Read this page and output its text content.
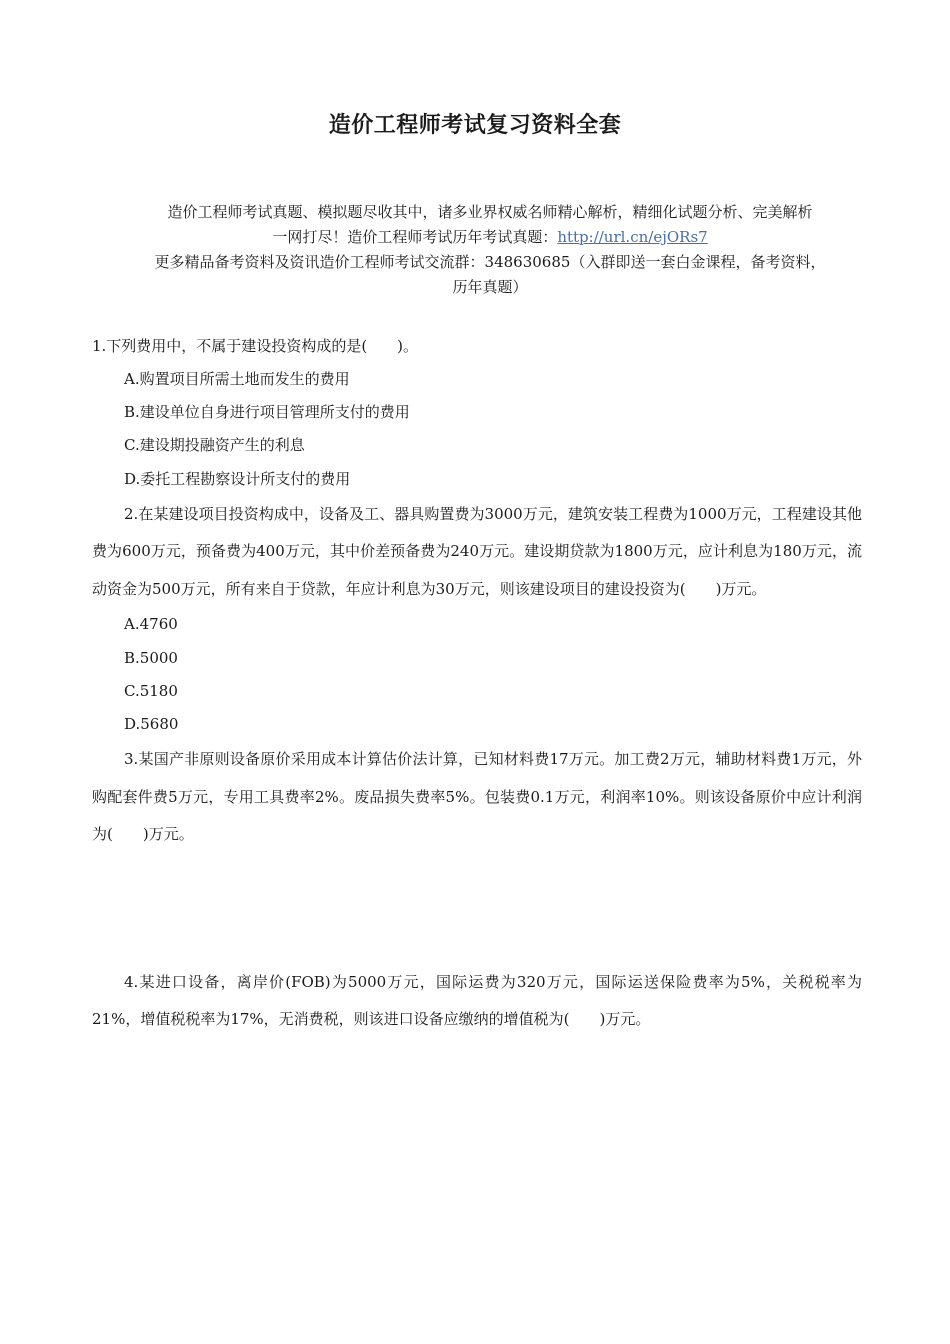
造价工程师考试复习资料全套
造价工程师考试真题、模拟题尽收其中，诸多业界权威名师精心解析，精细化试题分析、完美解析
一网打尽！造价工程师考试历年考试真题：http://url.cn/ejORs7
更多精品备考资料及资讯造价工程师考试交流群：348630685（入群即送一套白金课程，备考资料，
历年真题）
1.下列费用中，不属于建设投资构成的是(　　)。
A.购置项目所需土地而发生的费用
B.建设单位自身进行项目管理所支付的费用
C.建设期投融资产生的利息
D.委托工程勘察设计所支付的费用
2.在某建设项目投资构成中，设备及工、器具购置费为3000万元，建筑安装工程费为1000万元，工程建设其他费为600万元，预备费为400万元，其中价差预备费为240万元。建设期贷款为1800万元，应计利息为180万元，流动资金为500万元，所有来自于贷款，年应计利息为30万元，则该建设项目的建设投资为(　　)万元。
A.4760
B.5000
C.5180
D.5680
3.某国产非原则设备原价采用成本计算估价法计算，已知材料费17万元。加工费2万元，辅助材料费1万元，外购配套件费5万元，专用工具费率2%。废品损失费率5%。包装费0.1万元，利润率10%。则该设备原价中应计利润为(　　)万元。
4.某进口设备，离岸价(FOB)为5000万元，国际运费为320万元，国际运送保险费率为5%，关税税率为21%，增值税税率为17%，无消费税，则该进口设备应缴纳的增值税为(　　)万元。
